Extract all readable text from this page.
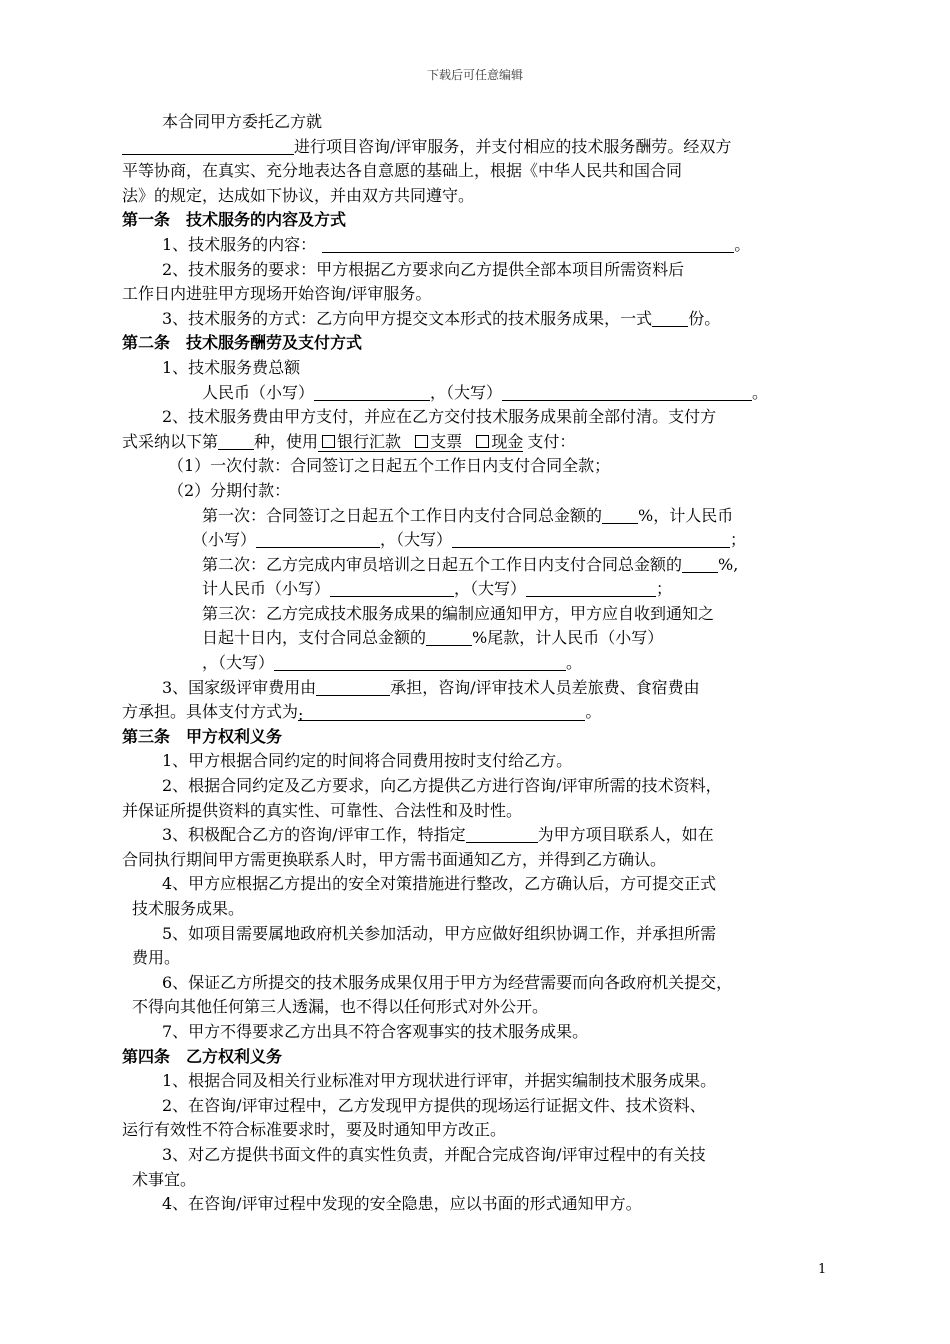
下载后可任意编辑
本合同甲方委托乙方就
进行项目咨询/评审服务，并支付相应的技术服务酬劳。经双方
平等协商，在真实、充分地表达各自意愿的基础上，根据《中华人民共和国合同
法》的规定，达成如下协议，并由双方共同遵守。
第一条　技术服务的内容及方式
1、技术服务的内容：	。
2、技术服务的要求：甲方根据乙方要求向乙方提供全部本项目所需资料后
工作日内进驻甲方现场开始咨询/评审服务。
3、技术服务的方式：乙方向甲方提交文本形式的技术服务成果，一式 份。
第二条　技术服务酬劳及支付方式
1、技术服务费总额
人民币（小写）	，（大写）	。
2、技术服务费由甲方支付，并应在乙方交付技术服务成果前全部付清。支付方
式采纳以下第 种，使用 银行汇款 支票 现金 支付：
（1）一次付款：合同签订之日起五个工作日内支付合同全款；
（2）分期付款：
第一次：合同签订之日起五个工作日内支付合同总金额的 %，计人民币
（小写）	，（大写）	；
第二次：乙方完成内审员培训之日起五个工作日内支付合同总金额的 %,
计人民币（小写）	，（大写）	；
第三次：乙方完成技术服务成果的编制应通知甲方，甲方应自收到通知之
日起十日内，支付合同总金额的	%尾款，计人民币（小写）
，（大写）	。
3、国家级评审费用由	承担，咨询/评审技术人员差旅费、食宿费由
方承担。具体支付方式为:	。
第三条　甲方权利义务
1、甲方根据合同约定的时间将合同费用按时支付给乙方。
2、根据合同约定及乙方要求，向乙方提供乙方进行咨询/评审所需的技术资料，
并保证所提供资料的真实性、可靠性、合法性和及时性。
3、积极配合乙方的咨询/评审工作，特指定	为甲方项目联系人，如在
合同执行期间甲方需更换联系人时，甲方需书面通知乙方，并得到乙方确认。
4、甲方应根据乙方提出的安全对策措施进行整改，乙方确认后，方可提交正式
技术服务成果。
5、如项目需要属地政府机关参加活动，甲方应做好组织协调工作，并承担所需
费用。
6、保证乙方所提交的技术服务成果仅用于甲方为经营需要而向各政府机关提交，
不得向其他任何第三人透漏，也不得以任何形式对外公开。
7、甲方不得要求乙方出具不符合客观事实的技术服务成果。
第四条　乙方权利义务
1、根据合同及相关行业标准对甲方现状进行评审，并据实编制技术服务成果。
2、在咨询/评审过程中，乙方发现甲方提供的现场运行证据文件、技术资料、
运行有效性不符合标准要求时，要及时通知甲方改正。
3、对乙方提供书面文件的真实性负责，并配合完成咨询/评审过程中的有关技
术事宜。
4、在咨询/评审过程中发现的安全隐患，应以书面的形式通知甲方。
1
